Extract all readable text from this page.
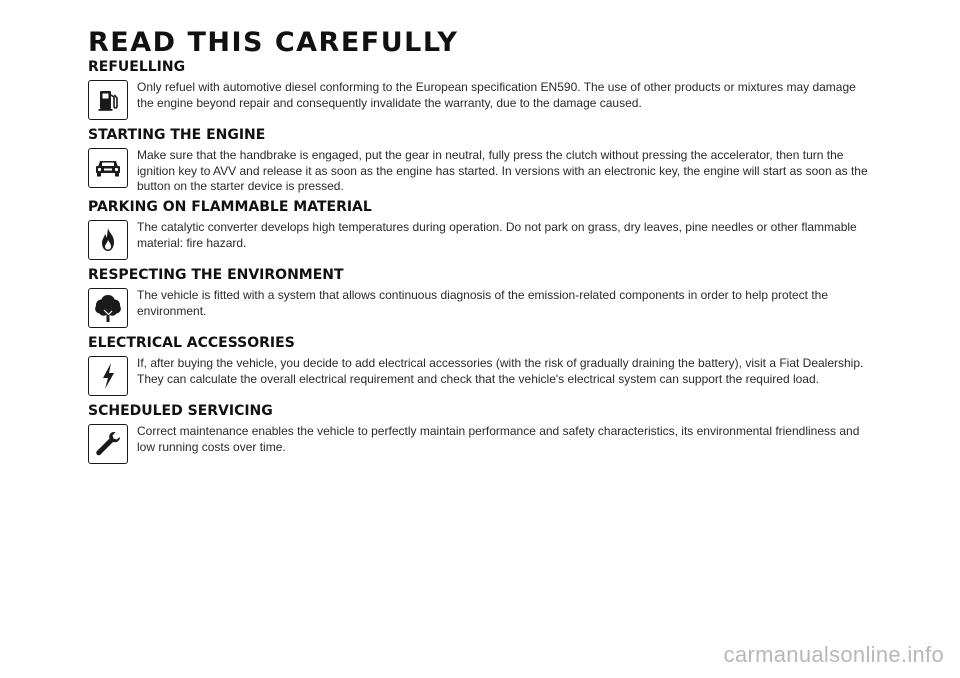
READ THIS CAREFULLY
REFUELLING

Only refuel with automotive diesel conforming to the European specification EN590. The use of other products or mixtures may damage the engine beyond repair and consequently invalidate the warranty, due to the damage caused.

STARTING THE ENGINE

Make sure that the handbrake is engaged, put the gear in neutral, fully press the clutch without pressing the accelerator, then turn the ignition key to AVV and release it as soon as the engine has started. In versions with an electronic key, the engine will start as soon as the button on the starter device is pressed.

PARKING ON FLAMMABLE MATERIAL

The catalytic converter develops high temperatures during operation. Do not park on grass, dry leaves, pine needles or other flammable material: fire hazard.

RESPECTING THE ENVIRONMENT

The vehicle is fitted with a system that allows continuous diagnosis of the emission-related components in order to help protect the environment.

ELECTRICAL ACCESSORIES

If, after buying the vehicle, you decide to add electrical accessories (with the risk of gradually draining the battery), visit a Fiat Dealership. They can calculate the overall electrical requirement and check that the vehicle's electrical system can support the required load.

SCHEDULED SERVICING

Correct maintenance enables the vehicle to perfectly maintain performance and safety characteristics, its environmental friendliness and low running costs over time.

carmanualsonline.info
